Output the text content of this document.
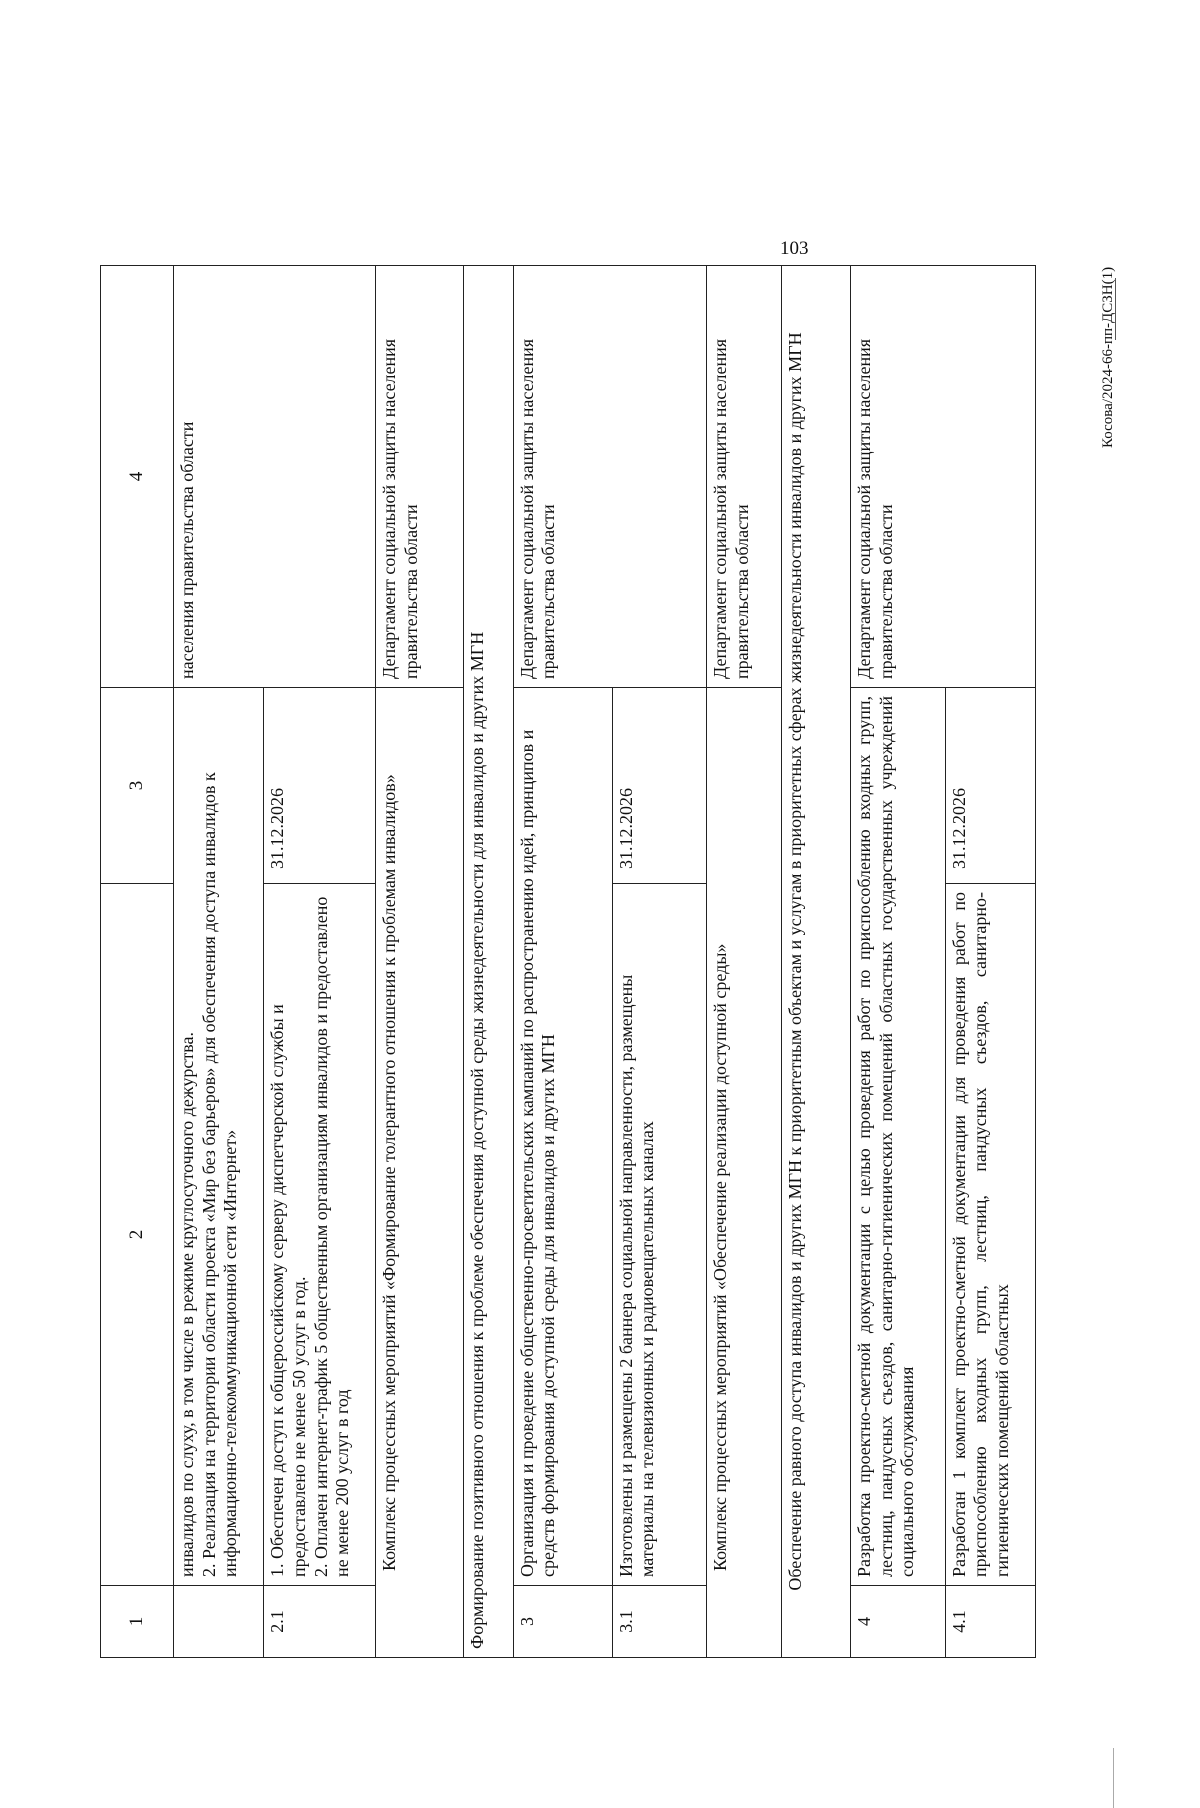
1	2	3	4

	инвалидов по слуху, в том числе в режиме круглосуточного дежурства.
2. Реализация на территории области проекта «Мир без барьеров» для обеспечения доступа инвалидов к информационно-телекоммуникационной сети «Интернет»		населения правительства области
2.1	1. Обеспечен доступ к общероссийскому серверу диспетчерской службы и предоставлено не менее 50 услуг в год.
2. Оплачен интернет-трафик 5 общественным организациям инвалидов и предоставлено не менее 200 услуг в год	31.12.2026	
Комплекс процессных мероприятий «Формирование толерантного отношения к проблемам инвалидов»			Департамент социальной защиты населения правительства области
Формирование позитивного отношения к проблеме обеспечения доступной среды жизнедеятельности для инвалидов и других МГН			
3	Организация и проведение общественно-просветительских кампаний по распространению идей, принципов и средств формирования доступной среды для инвалидов и других МГН		Департамент социальной защиты населения правительства области
3.1	Изготовлены и размещены 2 баннера социальной направленности, размещены материалы на телевизионных и радиовещательных каналах	31.12.2026	
Комплекс процессных мероприятий «Обеспечение реализации доступной среды»			Департамент социальной защиты населения правительства области
Обеспечение равного доступа инвалидов и других МГН к приоритетным объектам и услугам в приоритетных сферах жизнедеятельности инвалидов и других МГН			
4	Разработка проектно-сметной документации с целью проведения работ по приспособлению входных групп, лестниц, пандусных съездов, санитарно-гигиенических помещений областных государственных учреждений социального обслуживания		Департамент социальной защиты населения правительства области
4.1	Разработан 1 комплект проектно-сметной документации для проведения работ по приспособлению входных групп, лестниц, пандусных съездов, санитарно-гигиенических помещений областных	31.12.2026	
103
Косова/2024-66-пп-ДСЗН(1)
